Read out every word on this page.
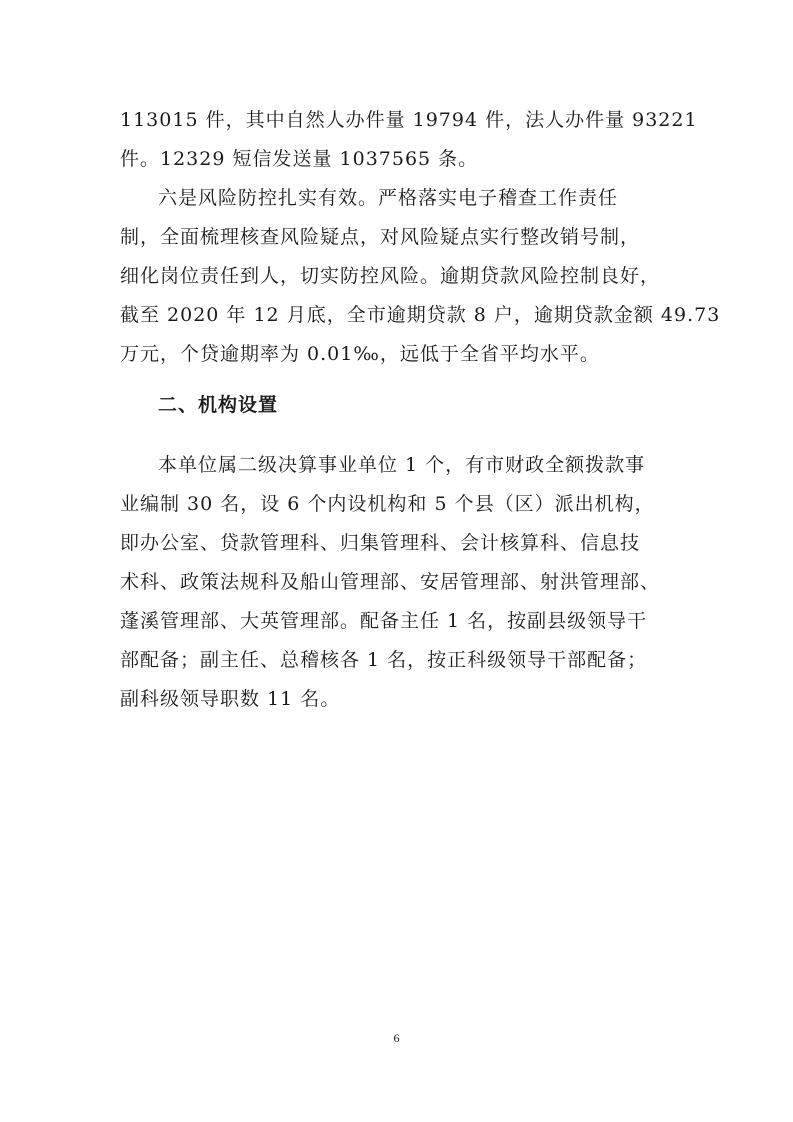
113015 件，其中自然人办件量 19794 件，法人办件量 93221
件。12329 短信发送量 1037565 条。
六是风险防控扎实有效。严格落实电子稽查工作责任
制，全面梳理核查风险疑点，对风险疑点实行整改销号制，
细化岗位责任到人，切实防控风险。逾期贷款风险控制良好，
截至 2020 年 12 月底，全市逾期贷款 8 户，逾期贷款金额 49.73
万元，个贷逾期率为 0.01‰，远低于全省平均水平。
二、机构设置
本单位属二级决算事业单位 1 个，有市财政全额拨款事
业编制 30 名，设 6 个内设机构和 5 个县（区）派出机构，
即办公室、贷款管理科、归集管理科、会计核算科、信息技
术科、政策法规科及船山管理部、安居管理部、射洪管理部、
蓬溪管理部、大英管理部。配备主任 1 名，按副县级领导干
部配备；副主任、总稽核各 1 名，按正科级领导干部配备；
副科级领导职数 11 名。
6
